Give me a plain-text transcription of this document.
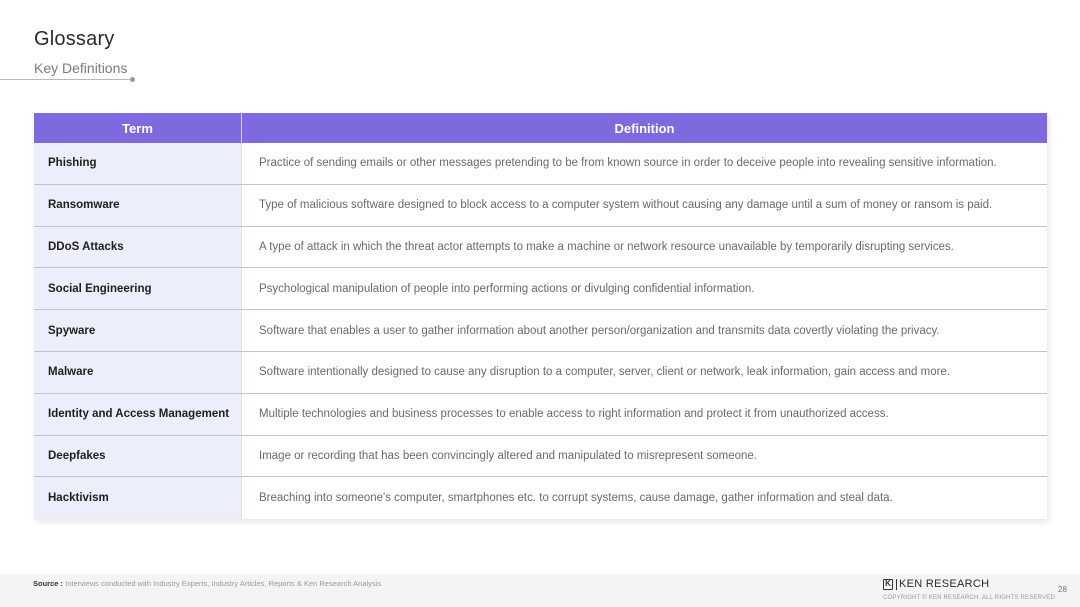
Glossary
Key Definitions
Term	Definition
Phishing	Practice of sending emails or other messages pretending to be from known source in order to deceive people into revealing sensitive information.
Ransomware	Type of malicious software designed to block access to a computer system without causing any damage until a sum of money or ransom is paid.
DDoS Attacks	A type of attack in which the threat actor attempts to make a machine or network resource unavailable by temporarily disrupting services.
Social Engineering	Psychological manipulation of people into performing actions or divulging confidential information.
Spyware	Software that enables a user to gather information about another person/organization and transmits data covertly violating the privacy.
Malware	Software intentionally designed to cause any disruption to a computer, server, client or network, leak information, gain access and more.
Identity and Access Management	Multiple technologies and business processes to enable access to right information and protect it from unauthorized access.
Deepfakes	Image or recording that has been convincingly altered and manipulated to misrepresent someone.
Hacktivism	Breaching into someone's computer, smartphones etc. to corrupt systems, cause damage, gather information and steal data.
Source : Interviews conducted with Industry Experts, Industry Articles, Reports & Ken Research Analysis	K KEN RESEARCH
COPYRIGHT © KEN RESEARCH. ALL RIGHTS RESERVED
28
